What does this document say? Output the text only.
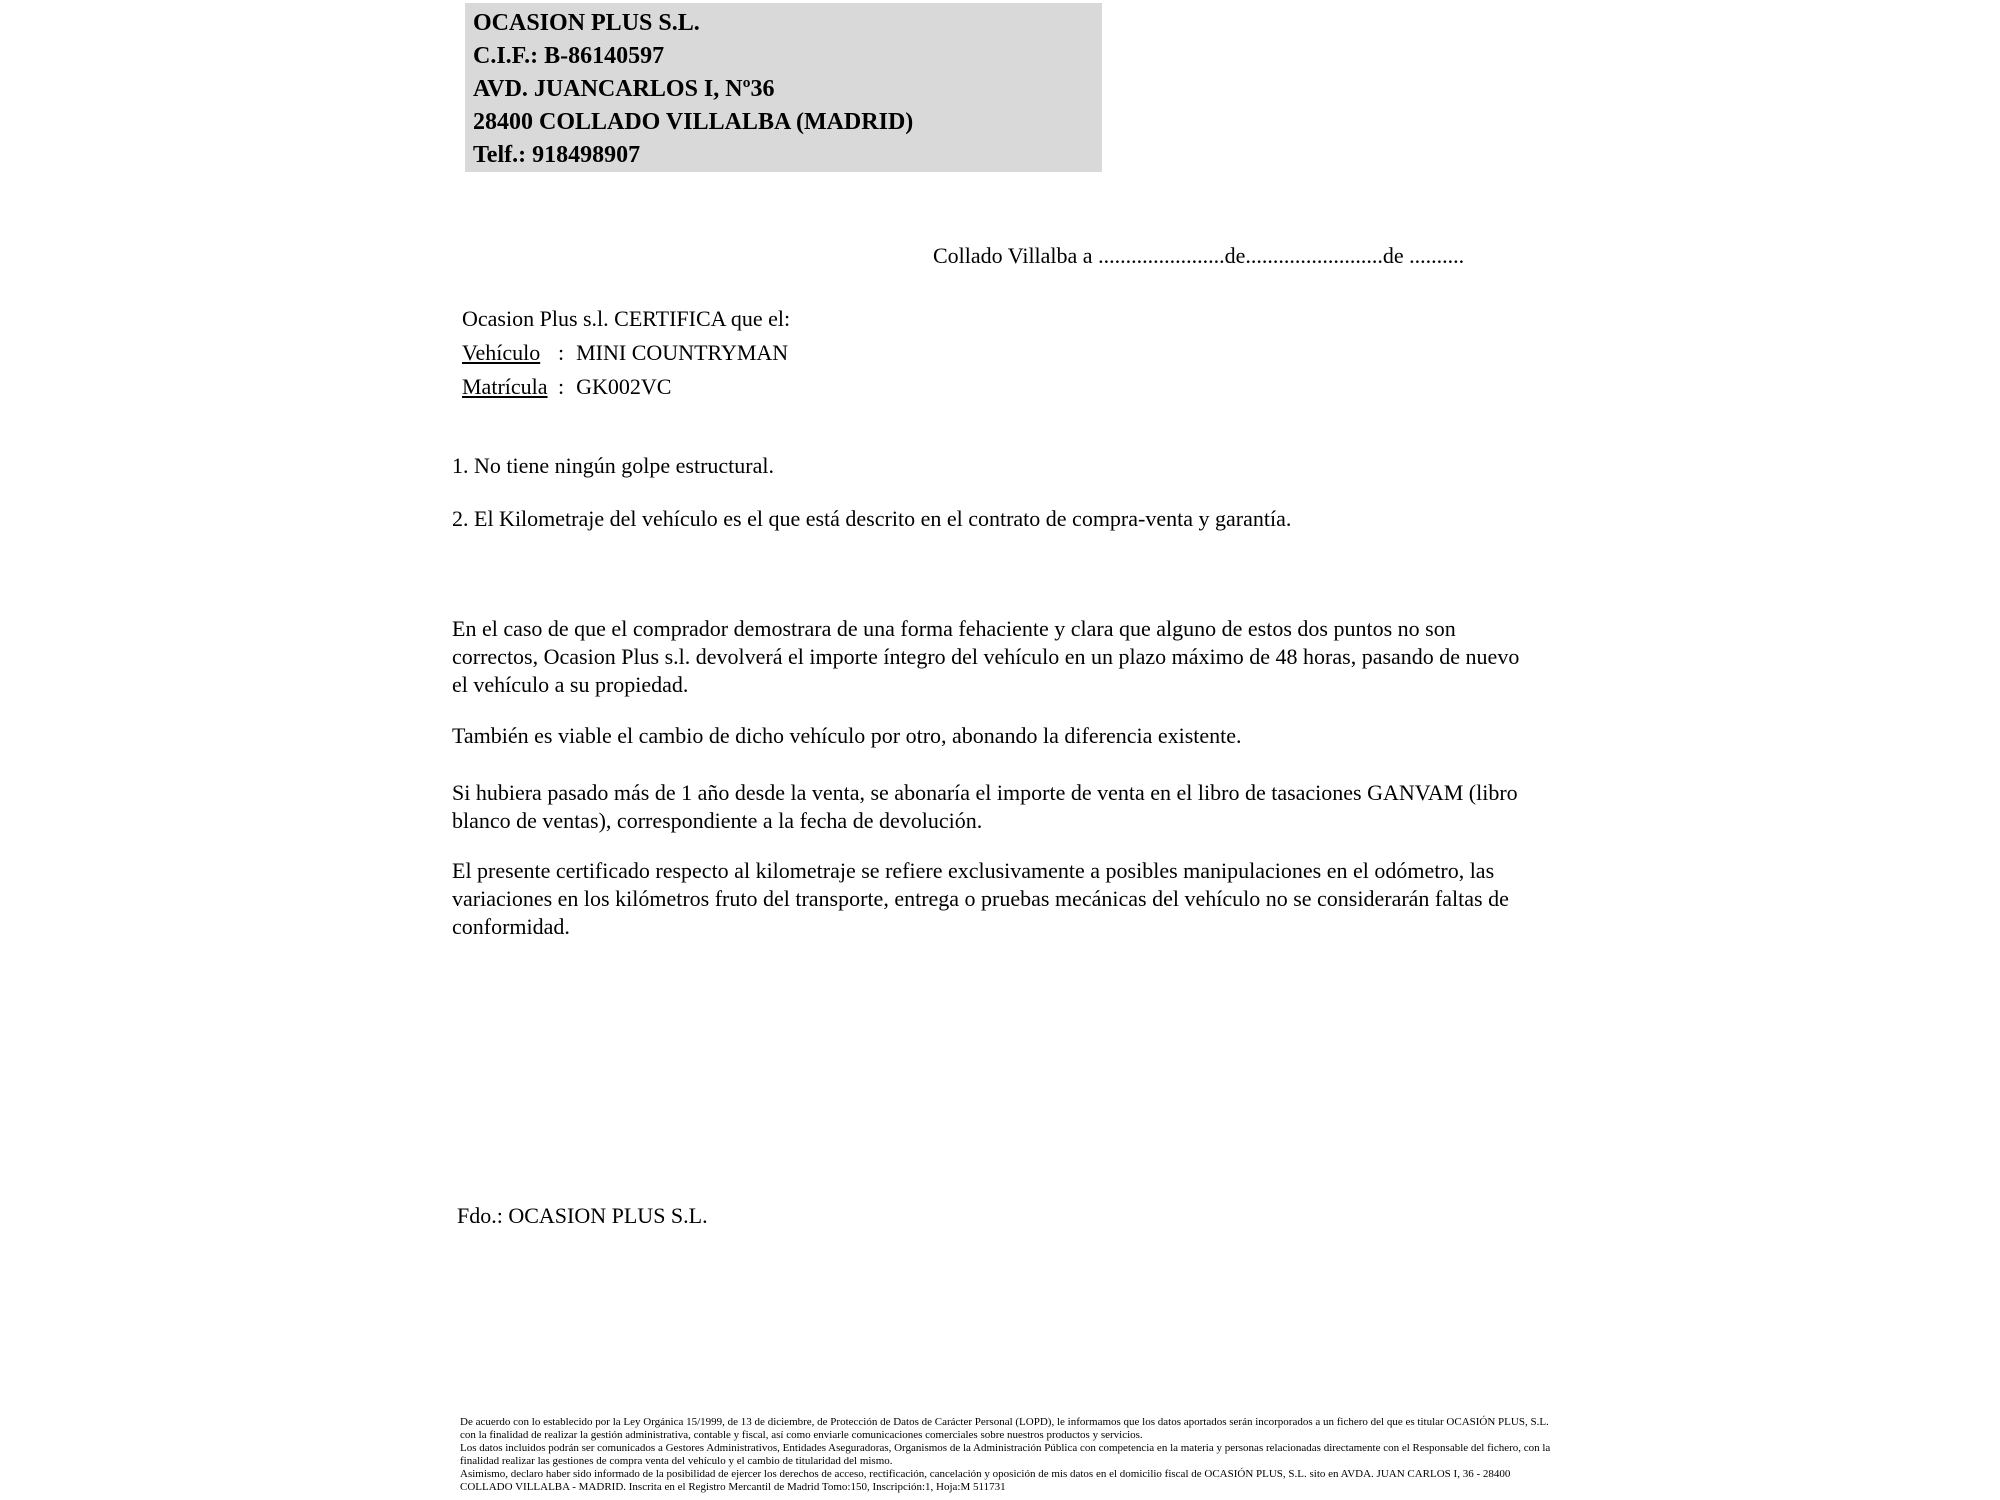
OCASION PLUS S.L.
C.I.F.: B-86140597
AVD. JUANCARLOS I, Nº36
28400 COLLADO VILLALBA (MADRID)
Telf.: 918498907
Collado Villalba a .......................de.........................de ..........
Ocasion Plus s.l. CERTIFICA que el:
Vehículo : MINI COUNTRYMAN
Matrícula : GK002VC
1. No tiene ningún golpe estructural.
2. El Kilometraje del vehículo es el que está descrito en el contrato de compra-venta y garantía.
En el caso de que el comprador demostrara de una forma fehaciente y clara que alguno de estos dos puntos no son correctos, Ocasion Plus s.l. devolverá el importe íntegro del vehículo en un plazo máximo de 48 horas, pasando de nuevo el vehículo a su propiedad.
También es viable el cambio de dicho vehículo por otro, abonando la diferencia existente.
Si hubiera pasado más de 1 año desde la venta, se abonaría el importe de venta en el libro de tasaciones GANVAM (libro blanco de ventas), correspondiente a la fecha de devolución.
El presente certificado respecto al kilometraje se refiere exclusivamente a posibles manipulaciones en el odómetro, las variaciones en los kilómetros fruto del transporte, entrega o pruebas mecánicas del vehículo no se considerarán faltas de conformidad.
Fdo.: OCASION PLUS S.L.

De acuerdo con lo establecido por la Ley Orgánica 15/1999, de 13 de diciembre, de Protección de Datos de Carácter Personal (LOPD), le informamos que los datos aportados serán incorporados a un fichero del que es titular OCASIÓN PLUS, S.L. con la finalidad de realizar la gestión administrativa, contable y fiscal, así como enviarle comunicaciones comerciales sobre nuestros productos y servicios.

Los datos incluidos podrán ser comunicados a Gestores Administrativos, Entidades Aseguradoras, Organismos de la Administración Pública con competencia en la materia y personas relacionadas directamente con el Responsable del fichero, con la finalidad realizar las gestiones de compra venta del vehículo y el cambio de titularidad del mismo.

Asimismo, declaro haber sido informado de la posibilidad de ejercer los derechos de acceso, rectificación, cancelación y oposición de mis datos en el domicilio fiscal de OCASIÓN PLUS, S.L. sito en AVDA. JUAN CARLOS I, 36 - 28400 COLLADO VILLALBA - MADRID. Inscrita en el Registro Mercantil de Madrid Tomo:150, Inscripción:1, Hoja:M 511731
